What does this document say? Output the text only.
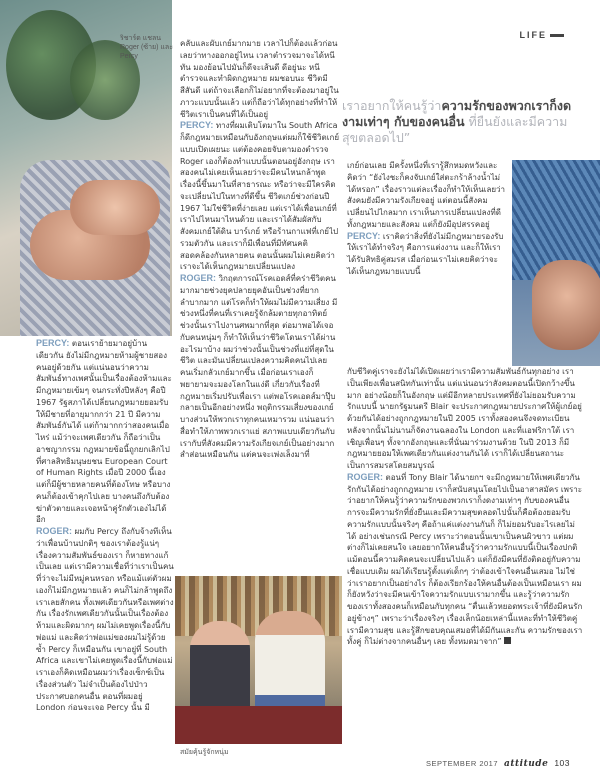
ริชาร์ด แชลน Roger (ซ้าย) และ Percy
LIFE
เราอยากให้คนรู้ว่าความรักของพวกเราก็งดงามเท่าๆ กับของคนอื่น ที่ยืนยังและมีความสุขตลอดไป”

PERCY: ตอนเราย้ายมาอยู่บ้านเดียวกัน ยังไม่มีกฎหมายห้ามผู้ชายสองคนอยู่ด้วยกัน แต่แน่นอนว่าความสัมพันธ์ทางเพศนั้นเป็นเรื่องต้องห้ามและมีกฎหมายเข้มๆ จนกระทั่งปีหลังๆ คือปี 1967 รัฐสภาได้เปลี่ยนกฎหมายยอมรับให้มีชายที่อายุมากกว่า 21 ปี มีความสัมพันธ์กันได้ แต่ก้ามากกว่าสองคนเมื่อไหร่ แม้ว่าจะเพศเดียวกัน ก็ถือว่าเป็นอาชญากรรม กฎหมายข้อนี้ถูกยกเลิกไปที่ศาลสิทธิมนุษยชน European Court of Human Rights เมื่อปี 2000 นี้เอง แต่ก็มีผู้ชายหลายคนที่ต้องโทษ หรือบางคนก็ต้องเข้าคุกไปเลย บางคนถึงกับต้องฆ่าตัวตายและเจอหน้าคู่รักตัวเองไม่ได้อีก

ROGER: ผมกับ Percy ถึงกับจ้างทีเห็นว่าเพื่อนบ้านปกติๆ ของเราต้องรู้แน่ๆ เรื่องความสัมพันธ์ของเรา ก็หายทางแก้เป็นเลย แต่เรามีความเชื่อที่ว่าเราเป็นคนที่ว่าจะไม่มีหมู่คนหรอก หรือแม้แต่ตัวผมเองก็ไม่มีกฎหมายแล้ว คนก็ไม่กล้าพูดถึงเราเลยสักคน ทั้งเพศเดียวกันหรือเพศต่างกัน เรื่องรักเพศเดียวกันนั้นเป็นเรื่องต้องห้ามและผิดมากๆ ผมไม่เคยพูดเรื่องนี้กับพ่อแม่ และคิดว่าพ่อแม่ของผมไม่รู้ด้วยซ้ำ Percy ก็เหมือนกัน เขาอยู่ที่ South Africa และเขาไม่เคยพูดเรื่องนี้กับพ่อแม่ เราเองก็คิดเหมือนผมว่าเรื่องเซ็กซ์เป็นเรื่องส่วนตัว ไม่จำเป็นต้องไปป่าวประกาศบอกคนอื่น ตอนที่ผมอยู่ London ก่อนจะเจอ Percy นั้น มี

คลับและผับเกย์มากมาย เวลาไปก็ต้องแล้วก่อนเลยว่าทางออกอยู่ไหน เวลาตำรวจมาจะได้หนีทัน มองย้อนไปมันก็ดีจะเส้นดี ดีอยู่นะ หนีตำรวจและทำผิดกฎหมาย ผมชอบนะ ชีวิตมีสีสันดี แต่ถ้าจะเลือกก็ไม่อยากที่จะต้องมาอยู่ในภาวะแบบนั้นแล้ว แต่ก็ถือว่าได้ทุกอย่างที่ทำให้ชีวิตเราเป็นคนที่ได้เป็นอยู่

PERCY: ทางที่ผมเติบโตมาใน South Africa ก็ดีกฎหมายเหมือนกับอังกฤษแต่ผมก็ใช้ชีวิตเกย์แบบเปิดเผยนะ แต่ต้องคอยจับตามองตำรวจ Roger เองก็ต้องทำแบบนั้นตอนอยู่อังกฤษ เราสองคนไม่เคยเห็นเลยว่าจะมีคนไหนกล้าพูดเรื่องนี้ขึ้นมาในที่สาธารณะ หรือว่าจะมีใครคิดจะเปลี่ยนไปในทางที่ดีขึ้น ชีวิตเกย์ช่วงก่อนปี 1967 ไม่ใช่ชีวิตที่ง่ายเลย แต่เราได้เพื่อนเกย์ที่เราไปไหนมาไหนด้วย และเราได้สัมผัสกับสังคมเกย์ใต้ดิน บาร์เกย์ หรือร้านกาแฟที่เกย์ไปรวมตัวกัน และเราก็มีเพื่อนที่มีทัศนคติสอดคล้องกันหลายคน ตอนนั้นผมไม่เคยคิดว่าเราจะได้เห็นกฎหมายเปลี่ยนแปลง

ROGER: วิกฤตการณ์โรคเอดส์ที่คร่าชีวิตคนมากมายช่วงยุคปลายยุคอันเป็นช่วงที่ยากลำบากมาก แต่โรคก็ทำให้ผมไม่มีความเสี่ยง มีช่วงหนึ่งที่คนที่เราเคยรู้จักล้มตายทุกอาทิตย์ ช่วงนั้นเราไปงานศพมากที่สุด ต่อมาพอได้เจอกับคนหนุ่มๆ ก็ทำให้เห็นว่าชีวิตโดนเราได้ผ่านอะไรมาบ้าง ผมว่าช่วงนั้นเป็นช่วงที่แย่ที่สุดในชีวิต และมันเปลี่ยนแปลงความคิดคนไปเลย คนเริ่มกลัวเกย์มากขึ้น เมื่อก่อนเราเองก็พยายามจะมองโลกในแง่ดี เกี่ยวกับเรื่องที่กฎหมายเริ่มปรับเพื่อเรา แต่พอโรคเอดส์มาปุ๊บ กลายเป็นอีกอย่างหนึ่ง พฤติกรรมเสี่ยงของเกย์บางส่วนให้พวกเราทุกคนเหมารวม แน่นอนว่าสื่อทำให้ภาพพวกเราแย่ สภาพแบบเดียวกันกับเรากับที่สังคมมีความรังเกียจเกย์เป็นอย่างมาก สำส่อนเหมือนกัน แต่คนจะเพ่งเล็งมาที่

สมัยคุ้นรู้จักหนุ่ม

เกย์ก่อนเลย มีครั้งหนึ่งที่เรารู้สึกหมดหวังและคิดว่า “ยังไงชะก็คงจับเกย์ใส่ตะกร้าล้างน้ำไม่ได้หรอก” เรื่องราวแต่ละเรื่องก็ทำให้เห็นเลยว่าสังคมยังมีความรังเกียจอยู่ แต่ตอนนี้สังคมเปลี่ยนไปไกลมาก เราเห็นการเปลี่ยนแปลงที่ดี ทั้งกฎหมายและสังคม แต่ก็ยังมีอุปสรรคอยู่

PERCY: เราคิดว่าสิ่งที่ยังไม่มีกฎหมายรองรับให้เราได้ทำจริงๆ คือการแต่งงาน และก็ให้เราได้รับสิทธิคู่สมรส เมื่อก่อนเราไม่เคยคิดว่าจะได้เห็นกฎหมายแบบนี้

กับชีวิตคู่เราจะยังไม่ได้เปิดเผยว่าเรามีความสัมพันธ์กันทุกอย่าง เราเป็นเพียงเพื่อนสนิทกันเท่านั้น แต่แน่นอนว่าสังคมตอนนี้เปิดกว้างขึ้นมาก อย่างน้อยก็ในอังกฤษ แต่มีอีกหลายประเทศที่ยังไม่ยอมรับความรักแบบนี้ นายกรัฐมนตรี Blair จะประกาศกฎหมายประกาศให้ผู้เกย์อยู่ด้วยกันได้อย่างถูกกฎหมายในปี 2005 เราทั้งสองคนจึงจดทะเบียน หลังจากนั้นไม่นานก็จัดงานฉลองใน London และที่แอฟริกาใต้ เราเชิญเพื่อนๆ ทั้งจากอังกฤษและที่นั่นมาร่วมงานด้วย ในปี 2013 ก็มีกฎหมายยอมให้เพศเดียวกันแต่งงานกันได้ เราก็ได้เปลี่ยนสถานะเป็นการสมรสโดยสมบูรณ์

ROGER: ตอนที่ Tony Blair ได้นายกฯ จะมีกฎหมายให้เพศเดียวกันรักกันได้อย่างถูกกฎหมาย เราก็สนับสนุนโดยไปเป็นอาสาสมัคร เพราะว่าอยากให้คนรู้ว่าความรักของพวกเราก็งดงามเท่าๆ กับของคนอื่น การจะมีความรักที่ยั่งยืนและมีความสุขตลอดไปนั้นก็คือต้องยอมรับความรักแบบนั้นจริงๆ คือถ้าแค่แต่งงานกันก็ ก็ไม่ยอมรับอะไรเลยไม่ได้ อย่างเช่นกรณี Percy เพราะว่าตอนนั้นเขาเป็นคนผิวขาว แต่ผมต่างก็ไม่เคยสนใจ เลยอยากให้คนอื่นรู้ว่าความรักแบบนี้เป็นเรื่องปกติ แม้ตอนนี้ความคิดคนจะเปลี่ยนไปแล้ว แต่ก็ยังมีคนที่ยังติดอยู่กับความเชื่อแบบเดิม ผมได้เรียนรู้ตั้งแต่เด็กๆ ว่าต้องเข้าใจคนอื่นเสมอ ไม่ใช่ว่าเราอยากเป็นอย่างไร ก็ต้องเรียกร้องให้คนอื่นต้องเป็นเหมือนเรา ผมก็ยังหวังว่าจะมีคนเข้าใจความรักแบบเรามากขึ้น และรู้ว่าความรักของเราทั้งสองคนก็เหมือนกับทุกคน “ตื่นแล้วหยอดพระเจ้าที่ยังมีคนรักอยู่ข้างๆ” เพราะว่าเรื่องจริงๆ เรื่องเล็กน้อยเหล่านี้แหละที่ทำให้ชีวิตคู่เรามีความสุข และรู้สึกขอบคุณเสมอที่ได้มีกันและกัน ความรักของเราทั้งคู่ ก็ไม่ต่างจากคนอื่นๆ เลย ทั้งหมดมาจาก”

SEPTEMBER 2017 attitude 103
